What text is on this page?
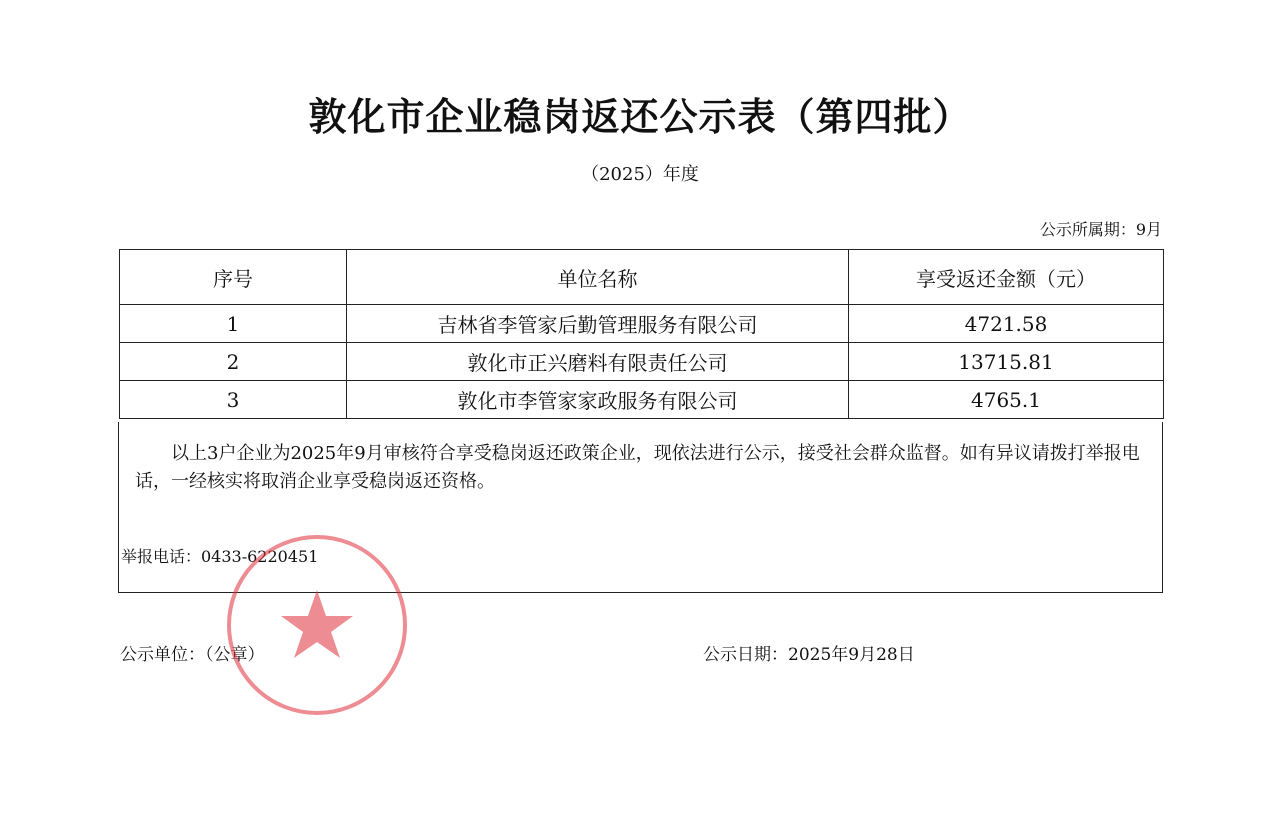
敦化市企业稳岗返还公示表（第四批）
（2025）年度
公示所属期：9月
序号	单位名称	享受返还金额（元）
1	吉林省李管家后勤管理服务有限公司	4721.58
2	敦化市正兴磨料有限责任公司	13715.81
3	敦化市李管家家政服务有限公司	4765.1
以上3户企业为2025年9月审核符合享受稳岗返还政策企业，现依法进行公示，接受社会群众监督。如有异议请拨打举报电话，一经核实将取消企业享受稳岗返还资格。
举报电话：0433-6220451
公示单位：（公章）	公示日期：2025年9月28日
